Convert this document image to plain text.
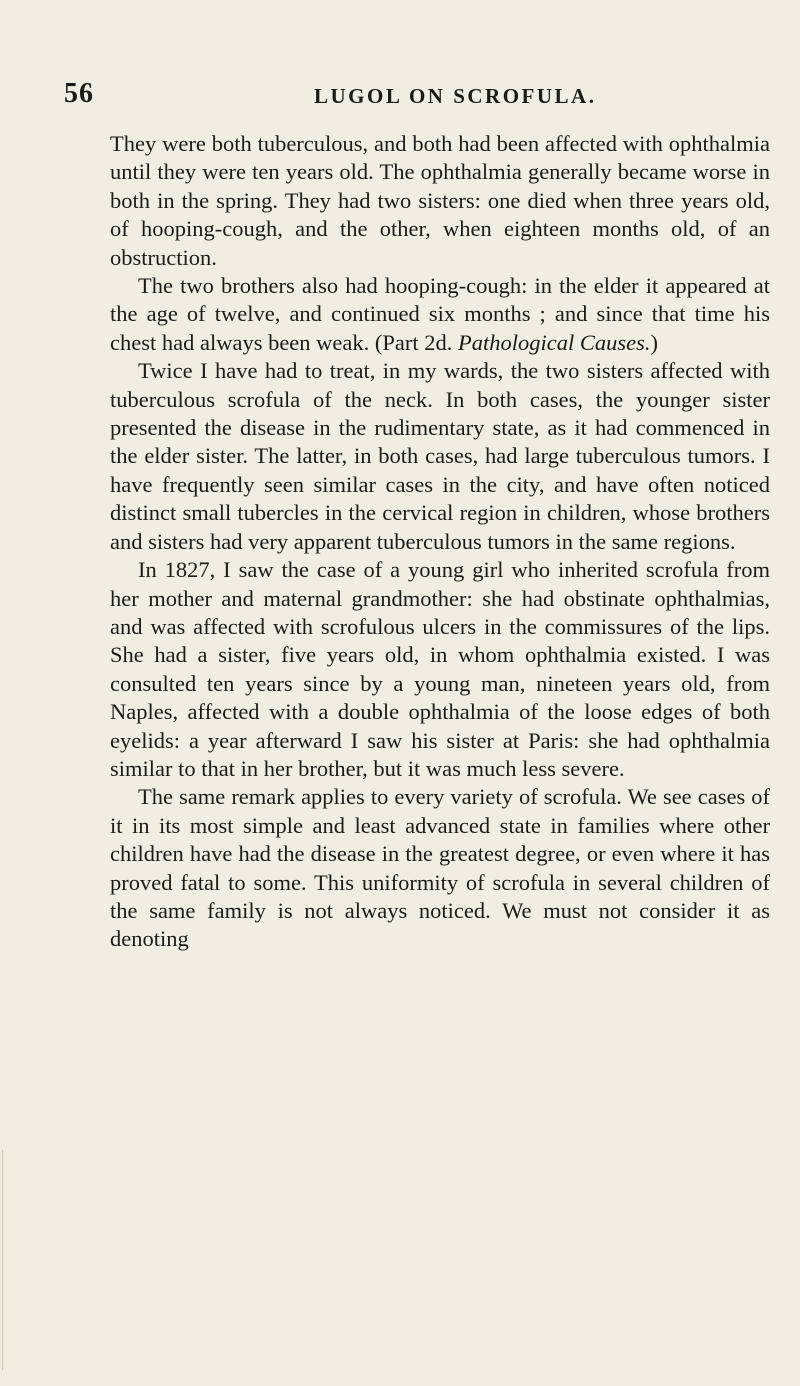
56	LUGOL ON SCROFULA.

They were both tuberculous, and both had been affected with ophthalmia until they were ten years old. The ophthalmia generally became worse in both in the spring. They had two sisters: one died when three years old, of hooping-cough, and the other, when eighteen months old, of an obstruction.

The two brothers also had hooping-cough: in the elder it appeared at the age of twelve, and continued six months ; and since that time his chest had always been weak. (Part 2d. Pathological Causes.)

Twice I have had to treat, in my wards, the two sisters affected with tuberculous scrofula of the neck. In both cases, the younger sister presented the disease in the rudimentary state, as it had commenced in the elder sister. The latter, in both cases, had large tuberculous tumors. I have frequently seen similar cases in the city, and have often noticed distinct small tubercles in the cervical region in children, whose brothers and sisters had very apparent tuberculous tumors in the same regions.

In 1827, I saw the case of a young girl who inherited scrofula from her mother and maternal grandmother: she had obstinate ophthalmias, and was affected with scrofulous ulcers in the commissures of the lips. She had a sister, five years old, in whom ophthalmia existed. I was consulted ten years since by a young man, nineteen years old, from Naples, affected with a double ophthalmia of the loose edges of both eyelids: a year afterward I saw his sister at Paris: she had ophthalmia similar to that in her brother, but it was much less severe.

The same remark applies to every variety of scrofula. We see cases of it in its most simple and least advanced state in families where other children have had the disease in the greatest degree, or even where it has proved fatal to some. This uniformity of scrofula in several children of the same family is not always noticed. We must not consider it as denoting
